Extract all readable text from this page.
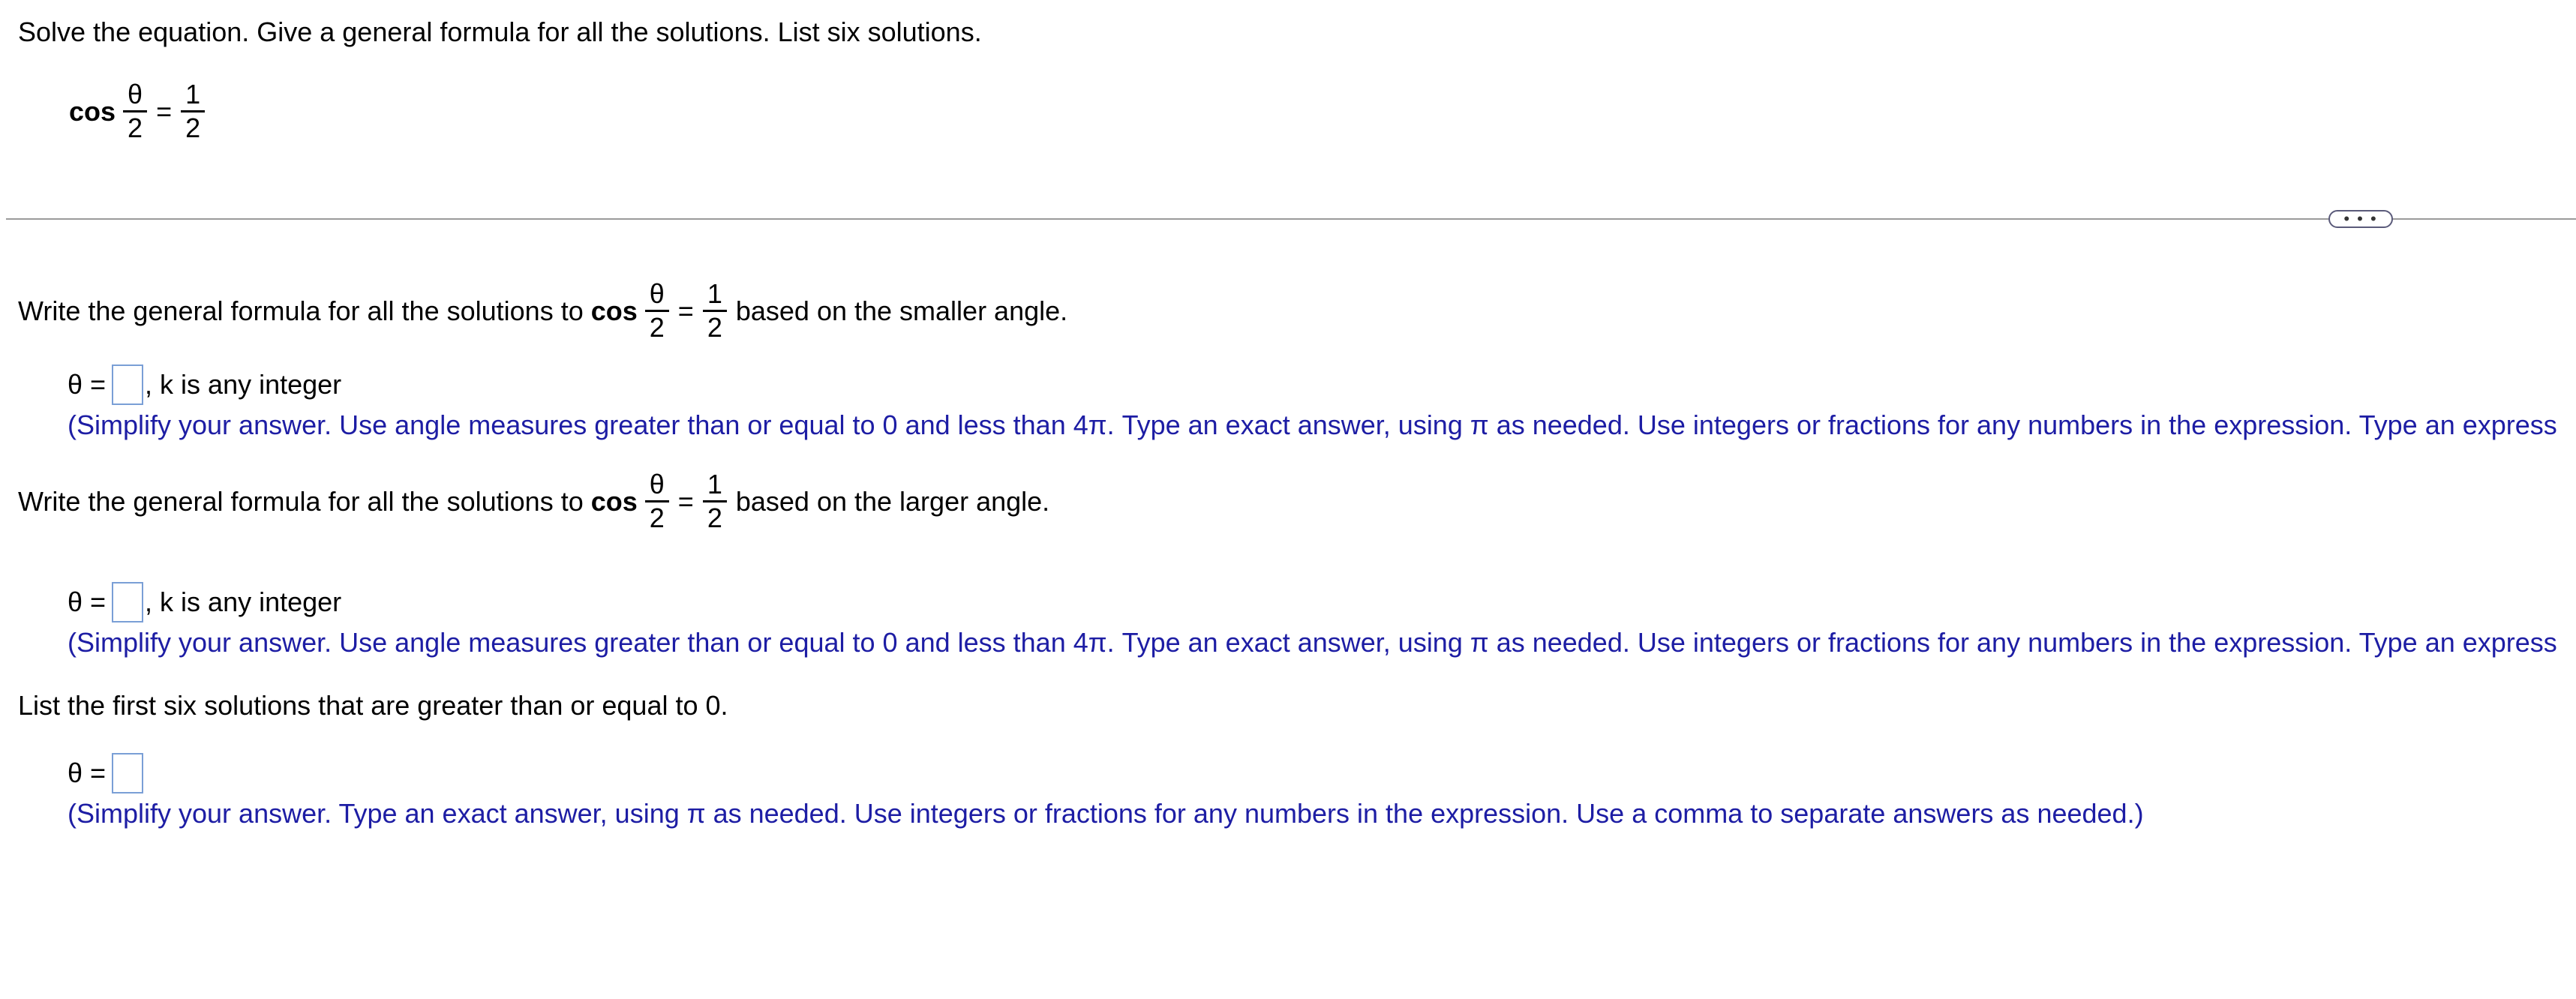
Solve the equation. Give a general formula for all the solutions. List six solutions.
$\cos \frac{\theta}{2} = \frac{1}{2}$
• • •
Write the general formula for all the solutions to $\cos \frac{\theta}{2} = \frac{1}{2}$ based on the smaller angle.
θ = , k is any integer
(Simplify your answer. Use angle measures greater than or equal to 0 and less than 4π. Type an exact answer, using π as needed. Use integers or fractions for any numbers in the expression. Type an express
Write the general formula for all the solutions to $\cos \frac{\theta}{2} = \frac{1}{2}$ based on the larger angle.
θ = , k is any integer
(Simplify your answer. Use angle measures greater than or equal to 0 and less than 4π. Type an exact answer, using π as needed. Use integers or fractions for any numbers in the expression. Type an express
List the first six solutions that are greater than or equal to 0.
θ =
(Simplify your answer. Type an exact answer, using π as needed. Use integers or fractions for any numbers in the expression. Use a comma to separate answers as needed.)
